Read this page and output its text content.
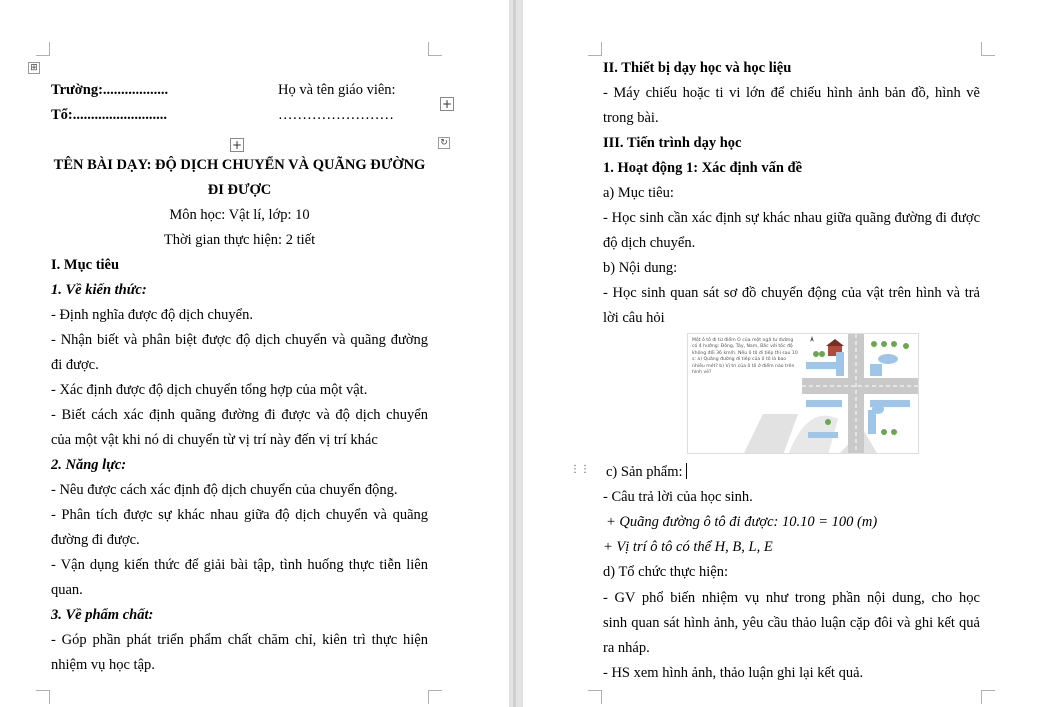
⊞
+
+	↻
Trường:..................	Họ và tên giáo viên:
Tổ:..........................	……………………
TÊN BÀI DẠY: ĐỘ DỊCH CHUYỂN VÀ QUÃNG ĐƯỜNG
ĐI ĐƯỢC
Môn học: Vật lí, lớp: 10
Thời gian thực hiện: 2 tiết
I. Mục tiêu
1. Về kiến thức:
- Định nghĩa được độ dịch chuyển.
- Nhận biết và phân biệt được độ dịch chuyển và quãng đường
đi được.
- Xác định được độ dịch chuyển tổng hợp của một vật.
- Biết cách xác định quãng đường đi được và độ dịch chuyển
của một vật khi nó di chuyển từ vị trí này đến vị trí khác
2. Năng lực:
- Nêu được cách xác định độ dịch chuyển của chuyển động.
- Phân tích được sự khác nhau giữa độ dịch chuyển và quãng
đường đi được.
- Vận dụng kiến thức để giải bài tập, tình huống thực tiễn liên
quan.
3. Về phẩm chất:
- Góp phần phát triển phẩm chất chăm chỉ, kiên trì thực hiện
nhiệm vụ học tập.
II. Thiết bị dạy học và học liệu
- Máy chiếu hoặc ti vi lớn để chiếu hình ảnh bản đồ, hình vẽ
trong bài.
III. Tiến trình dạy học
1. Hoạt động 1: Xác định vấn đề
a) Mục tiêu:
- Học sinh cần xác định sự khác nhau giữa quãng đường đi được
độ dịch chuyển.
b) Nội dung:
- Học sinh quan sát sơ đồ chuyển động của vật trên hình và trả
lời câu hỏi
Một ô tô đi từ điểm O của một ngã tư đường có 4 hướng: Đông, Tây, Nam, Bắc với tốc độ không đổi 36 km/h. Nếu ô tô đi tiếp thì sau 10 s: a) Quãng đường đi tiếp của ô tô là bao nhiêu mét? b) Vị trí của ô tô ở điểm nào trên hình vẽ?
⋮⋮ c) Sản phẩm:
- Câu trả lời của học sinh.
+ Quãng đường ô tô đi được: 10.10 = 100 (m)
+ Vị trí ô tô có thể H, B, L, E
d) Tổ chức thực hiện:
- GV phổ biến nhiệm vụ như trong phần nội dung, cho học
sinh quan sát hình ảnh, yêu cầu thảo luận cặp đôi và ghi kết quả
ra nháp.
- HS xem hình ảnh, thảo luận ghi lại kết quả.
